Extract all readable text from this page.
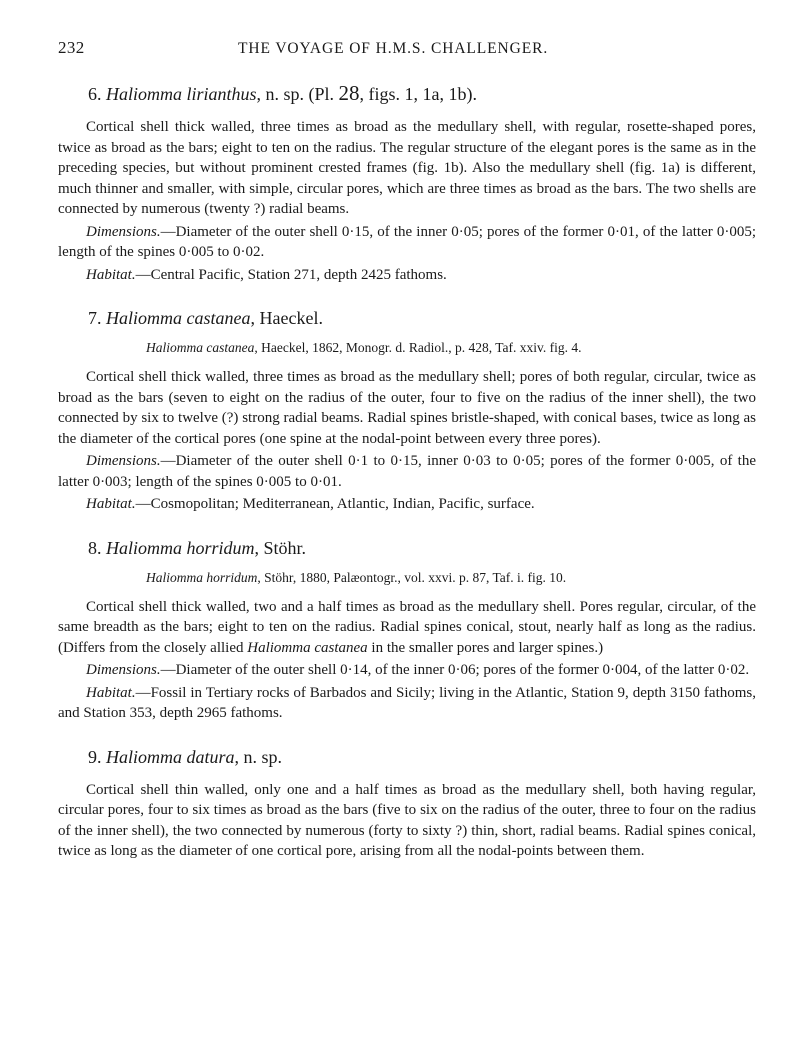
232	THE VOYAGE OF H.M.S. CHALLENGER.
6. Haliomma lirianthus, n. sp. (Pl. 28, figs. 1, 1a, 1b).

Cortical shell thick walled, three times as broad as the medullary shell, with regular, rosette-shaped pores, twice as broad as the bars; eight to ten on the radius. The regular structure of the elegant pores is the same as in the preceding species, but without prominent crested frames (fig. 1b). Also the medullary shell (fig. 1a) is different, much thinner and smaller, with simple, circular pores, which are three times as broad as the bars. The two shells are connected by numerous (twenty ?) radial beams.

Dimensions.—Diameter of the outer shell 0·15, of the inner 0·05; pores of the former 0·01, of the latter 0·005; length of the spines 0·005 to 0·02.

Habitat.—Central Pacific, Station 271, depth 2425 fathoms.

7. Haliomma castanea, Haeckel.
Haliomma castanea, Haeckel, 1862, Monogr. d. Radiol., p. 428, Taf. xxiv. fig. 4.

Cortical shell thick walled, three times as broad as the medullary shell; pores of both regular, circular, twice as broad as the bars (seven to eight on the radius of the outer, four to five on the radius of the inner shell), the two connected by six to twelve (?) strong radial beams. Radial spines bristle-shaped, with conical bases, twice as long as the diameter of the cortical pores (one spine at the nodal-point between every three pores).

Dimensions.—Diameter of the outer shell 0·1 to 0·15, inner 0·03 to 0·05; pores of the former 0·005, of the latter 0·003; length of the spines 0·005 to 0·01.

Habitat.—Cosmopolitan; Mediterranean, Atlantic, Indian, Pacific, surface.

8. Haliomma horridum, Stöhr.
Haliomma horridum, Stöhr, 1880, Palæontogr., vol. xxvi. p. 87, Taf. i. fig. 10.

Cortical shell thick walled, two and a half times as broad as the medullary shell. Pores regular, circular, of the same breadth as the bars; eight to ten on the radius. Radial spines conical, stout, nearly half as long as the radius. (Differs from the closely allied Haliomma castanea in the smaller pores and larger spines.)

Dimensions.—Diameter of the outer shell 0·14, of the inner 0·06; pores of the former 0·004, of the latter 0·02.

Habitat.—Fossil in Tertiary rocks of Barbados and Sicily; living in the Atlantic, Station 9, depth 3150 fathoms, and Station 353, depth 2965 fathoms.

9. Haliomma datura, n. sp.

Cortical shell thin walled, only one and a half times as broad as the medullary shell, both having regular, circular pores, four to six times as broad as the bars (five to six on the radius of the outer, three to four on the radius of the inner shell), the two connected by numerous (forty to sixty ?) thin, short, radial beams. Radial spines conical, twice as long as the diameter of one cortical pore, arising from all the nodal-points between them.
